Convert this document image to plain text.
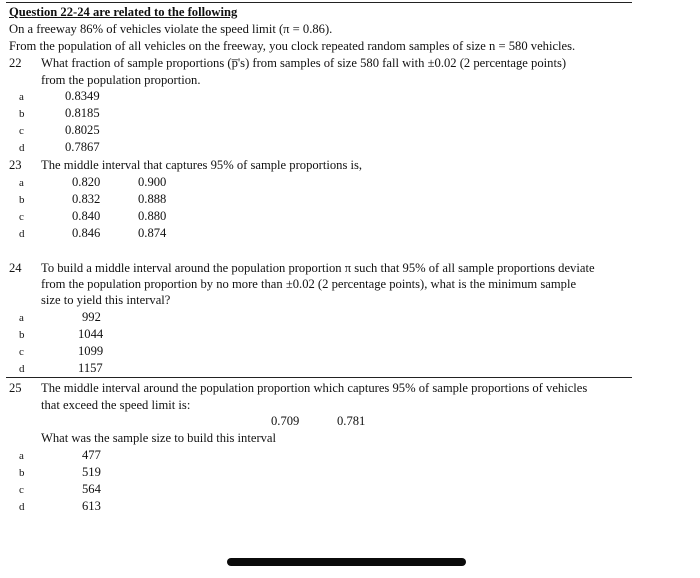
Question 22-24 are related to the following
On a freeway 86% of vehicles violate the speed limit (π = 0.86).
From the population of all vehicles on the freeway, you clock repeated random samples of size n = 580 vehicles.
22 What fraction of sample proportions (p̅'s) from samples of size 580 fall with ±0.02 (2 percentage points)
from the population proportion.
a	0.8349
b	0.8185
c	0.8025
d	0.7867
23 The middle interval that captures 95% of sample proportions is,
a	0.820	0.900
b	0.832	0.888
c	0.840	0.880
d	0.846	0.874
24 To build a middle interval around the population proportion π such that 95% of all sample proportions deviate
from the population proportion by no more than ±0.02 (2 percentage points), what is the minimum sample
size to yield this interval?
a	992
b	1044
c	1099
d	1157
25 The middle interval around the population proportion which captures 95% of sample proportions of vehicles
that exceed the speed limit is:
0.709	0.781
What was the sample size to build this interval
a	477
b	519
c	564
d	613
